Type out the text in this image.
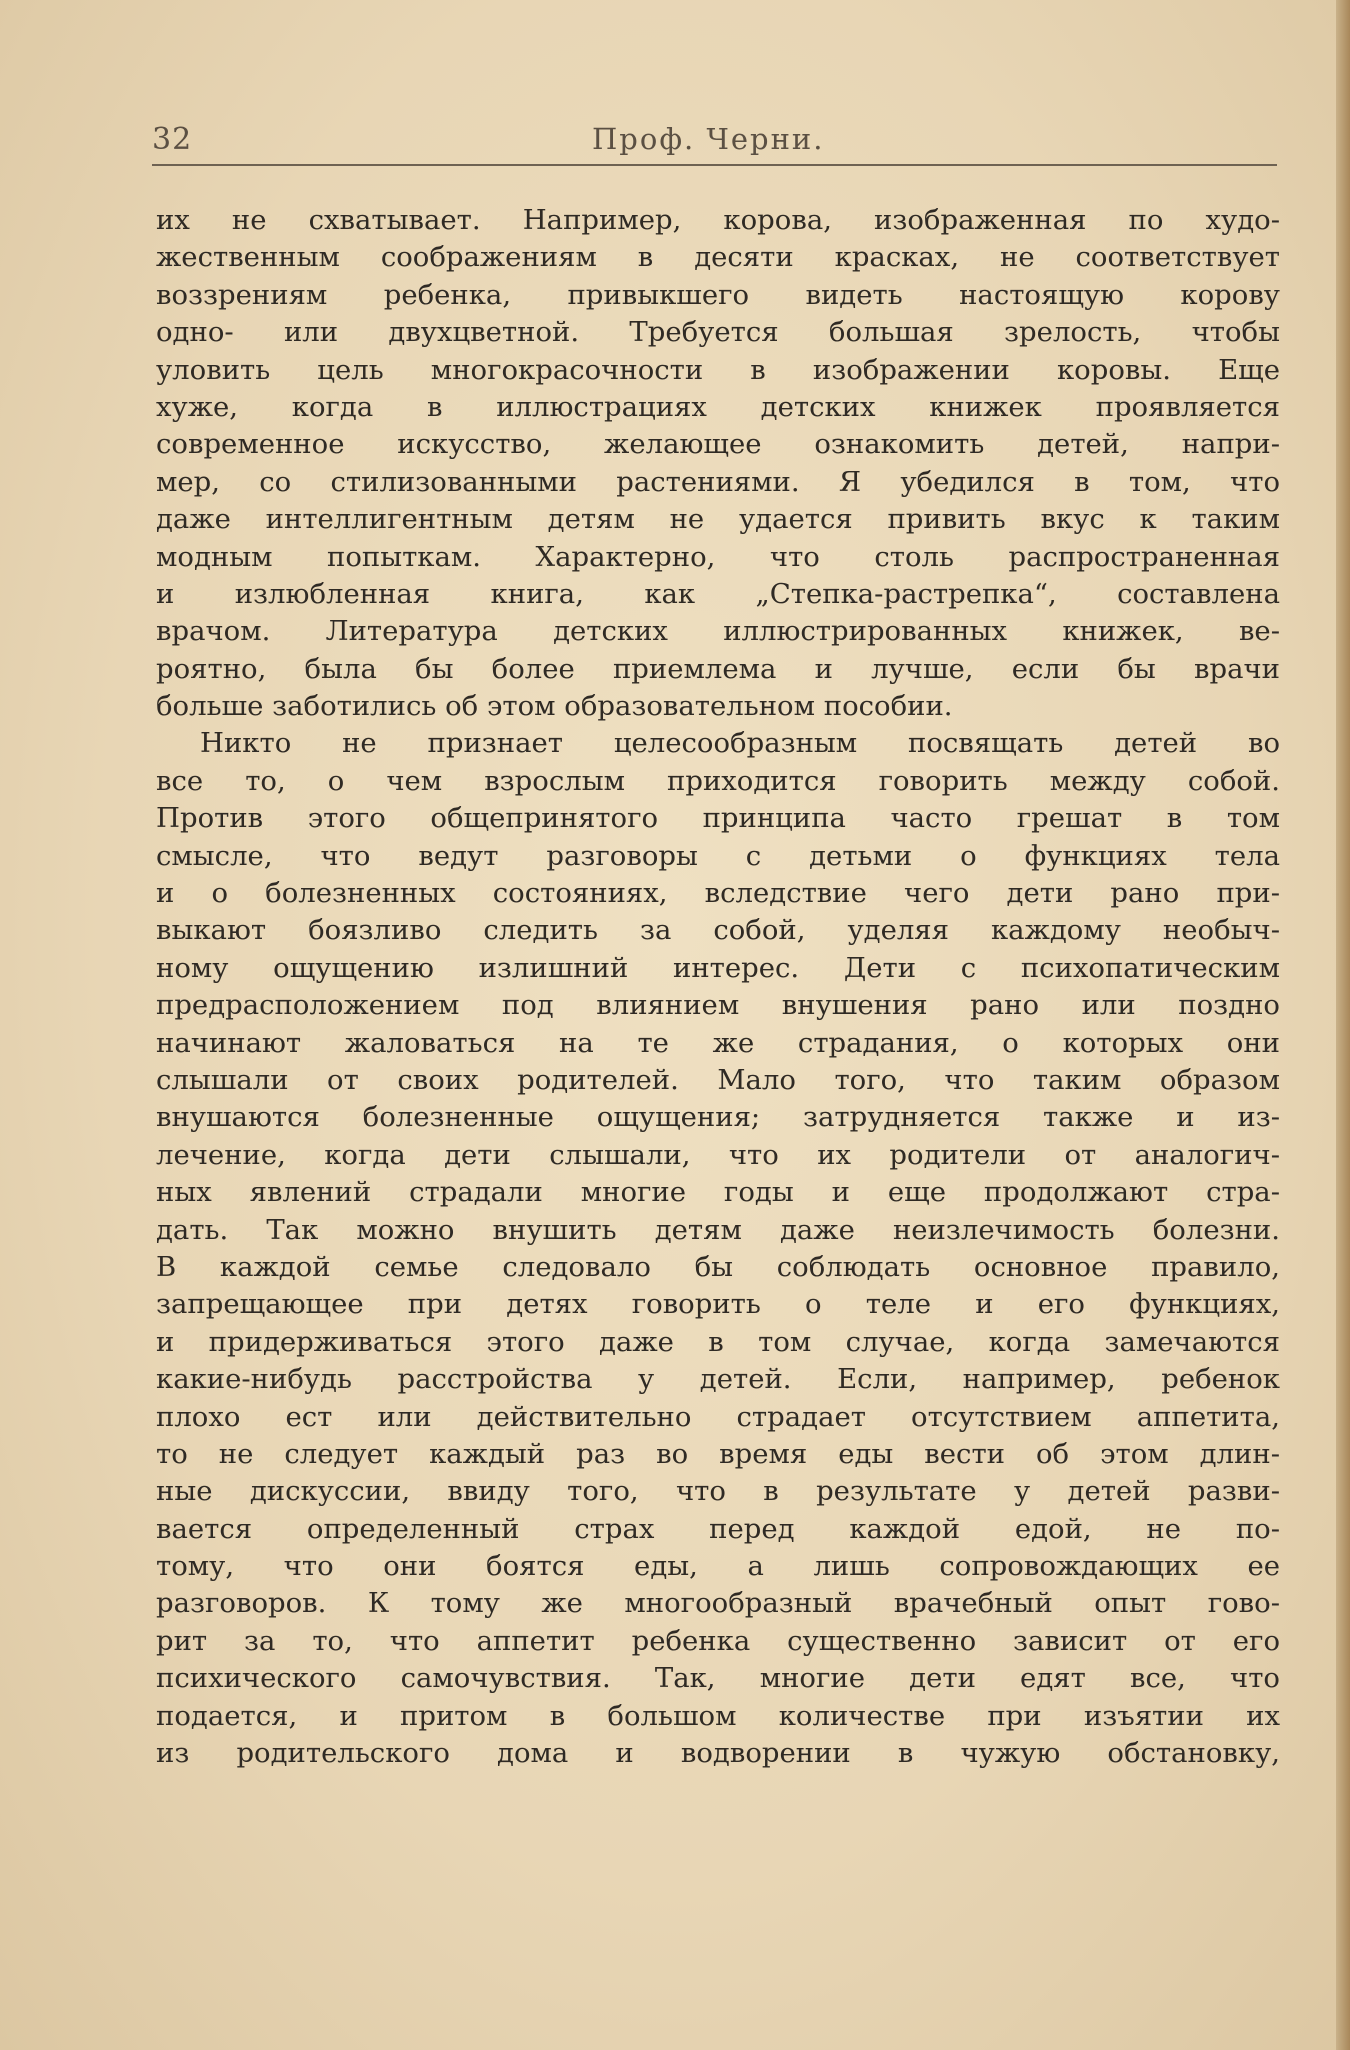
32	Проф. Черни.
их не схватывает. Например, корова, изображенная по худо-
жественным соображениям в десяти красках, не соответствует
воззрениям ребенка, привыкшего видеть настоящую корову
одно- или двухцветной. Требуется большая зрелость, чтобы
уловить цель многокрасочности в изображении коровы. Еще
хуже, когда в иллюстрациях детских книжек проявляется
современное искусство, желающее ознакомить детей, напри-
мер, со стилизованными растениями. Я убедился в том, что
даже интеллигентным детям не удается привить вкус к таким
модным попыткам. Характерно, что столь распространенная
и излюбленная книга, как „Степка-растрепка“, составлена
врачом. Литература детских иллюстрированных книжек, ве-
роятно, была бы более приемлема и лучше, если бы врачи
больше заботились об этом образовательном пособии.
Никто не признает целесообразным посвящать детей во
все то, о чем взрослым приходится говорить между собой.
Против этого общепринятого принципа часто грешат в том
смысле, что ведут разговоры с детьми о функциях тела
и о болезненных состояниях, вследствие чего дети рано при-
выкают боязливо следить за собой, уделяя каждому необыч-
ному ощущению излишний интерес. Дети с психопатическим
предрасположением под влиянием внушения рано или поздно
начинают жаловаться на те же страдания, о которых они
слышали от своих родителей. Мало того, что таким образом
внушаются болезненные ощущения; затрудняется также и из-
лечение, когда дети слышали, что их родители от аналогич-
ных явлений страдали многие годы и еще продолжают стра-
дать. Так можно внушить детям даже неизлечимость болезни.
В каждой семье следовало бы соблюдать основное правило,
запрещающее при детях говорить о теле и его функциях,
и придерживаться этого даже в том случае, когда замечаются
какие-нибудь расстройства у детей. Если, например, ребенок
плохо ест или действительно страдает отсутствием аппетита,
то не следует каждый раз во время еды вести об этом длин-
ные дискуссии, ввиду того, что в результате у детей разви-
вается определенный страх перед каждой едой, не по-
тому, что они боятся еды, а лишь сопровождающих ее
разговоров. К тому же многообразный врачебный опыт гово-
рит за то, что аппетит ребенка существенно зависит от его
психического самочувствия. Так, многие дети едят все, что
подается, и притом в большом количестве при изъятии их
из родительского дома и водворении в чужую обстановку,
